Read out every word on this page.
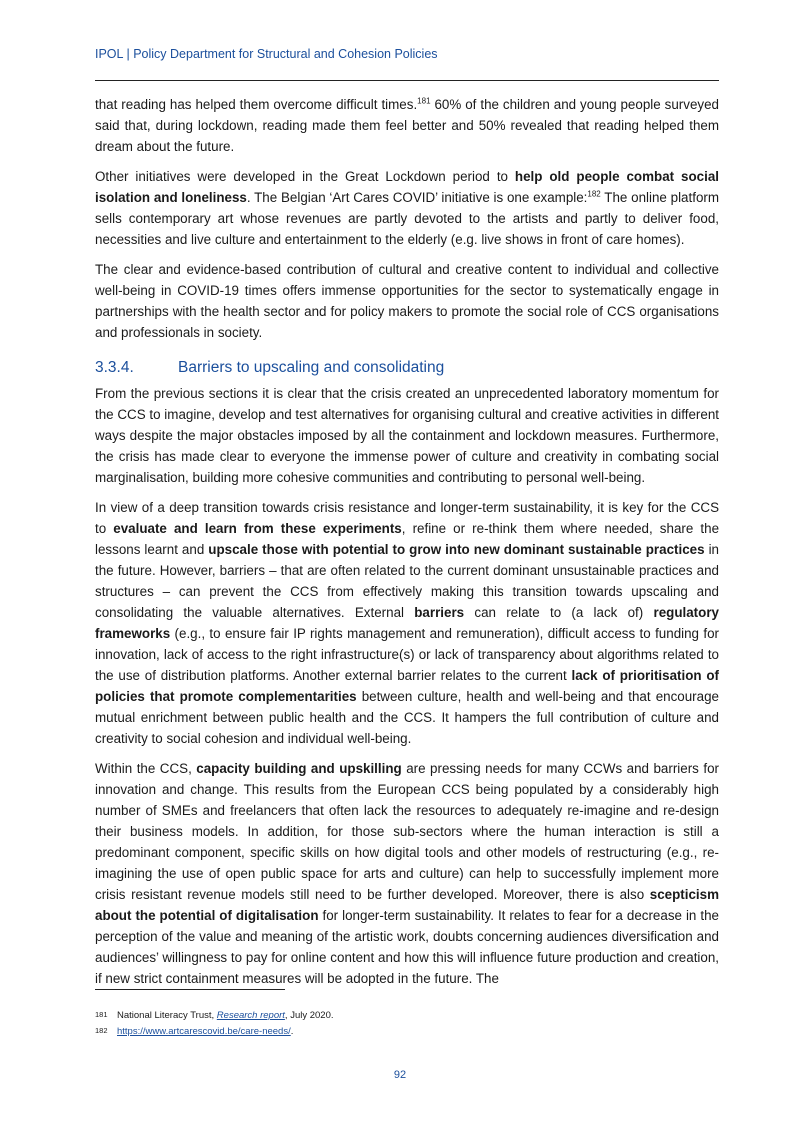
IPOL | Policy Department for Structural and Cohesion Policies

that reading has helped them overcome difficult times.$^{181}$ 60% of the children and young people surveyed said that, during lockdown, reading made them feel better and 50% revealed that reading helped them dream about the future.

Other initiatives were developed in the Great Lockdown period to help old people combat social isolation and loneliness. The Belgian ‘Art Cares COVID’ initiative is one example:$^{182}$ The online platform sells contemporary art whose revenues are partly devoted to the artists and partly to deliver food, necessities and live culture and entertainment to the elderly (e.g. live shows in front of care homes).

The clear and evidence-based contribution of cultural and creative content to individual and collective well-being in COVID-19 times offers immense opportunities for the sector to systematically engage in partnerships with the health sector and for policy makers to promote the social role of CCS organisations and professionals in society.

3.3.4.	Barriers to upscaling and consolidating

From the previous sections it is clear that the crisis created an unprecedented laboratory momentum for the CCS to imagine, develop and test alternatives for organising cultural and creative activities in different ways despite the major obstacles imposed by all the containment and lockdown measures. Furthermore, the crisis has made clear to everyone the immense power of culture and creativity in combating social marginalisation, building more cohesive communities and contributing to personal well-being.

In view of a deep transition towards crisis resistance and longer-term sustainability, it is key for the CCS to evaluate and learn from these experiments, refine or re-think them where needed, share the lessons learnt and upscale those with potential to grow into new dominant sustainable practices in the future. However, barriers – that are often related to the current dominant unsustainable practices and structures – can prevent the CCS from effectively making this transition towards upscaling and consolidating the valuable alternatives. External barriers can relate to (a lack of) regulatory frameworks (e.g., to ensure fair IP rights management and remuneration), difficult access to funding for innovation, lack of access to the right infrastructure(s) or lack of transparency about algorithms related to the use of distribution platforms. Another external barrier relates to the current lack of prioritisation of policies that promote complementarities between culture, health and well-being and that encourage mutual enrichment between public health and the CCS. It hampers the full contribution of culture and creativity to social cohesion and individual well-being.

Within the CCS, capacity building and upskilling are pressing needs for many CCWs and barriers for innovation and change. This results from the European CCS being populated by a considerably high number of SMEs and freelancers that often lack the resources to adequately re-imagine and re-design their business models. In addition, for those sub-sectors where the human interaction is still a predominant component, specific skills on how digital tools and other models of restructuring (e.g., re-imagining the use of open public space for arts and culture) can help to successfully implement more crisis resistant revenue models still need to be further developed. Moreover, there is also scepticism about the potential of digitalisation for longer-term sustainability. It relates to fear for a decrease in the perception of the value and meaning of the artistic work, doubts concerning audiences diversification and audiences’ willingness to pay for online content and how this will influence future production and creation, if new strict containment measures will be adopted in the future. The

181 National Literacy Trust, Research report, July 2020.
182 https://www.artcarescovid.be/care-needs/.
92
